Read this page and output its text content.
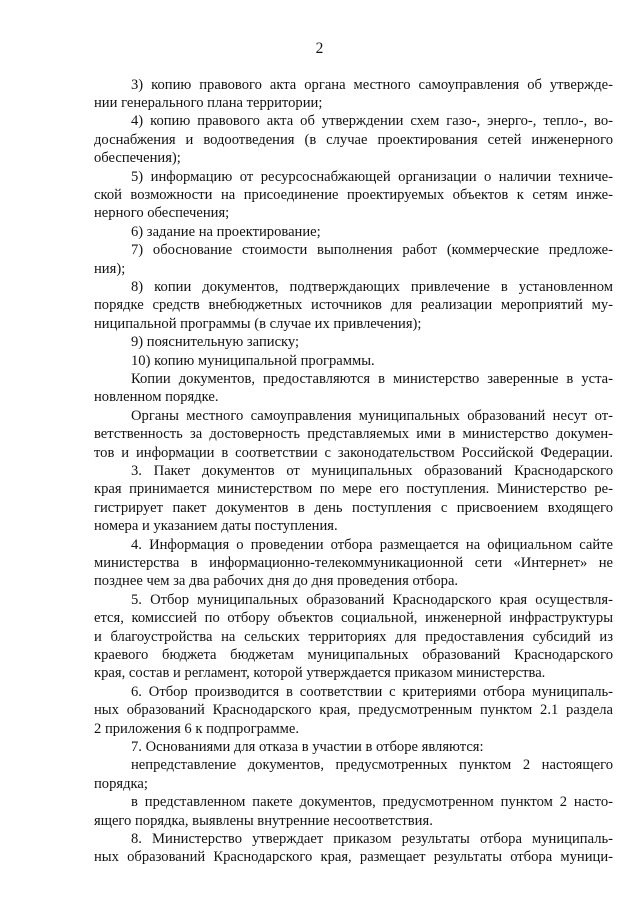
2
3) копию правового акта органа местного самоуправления об утвержде-
нии генерального плана территории;
4) копию правового акта об утверждении схем газо-, энерго-, тепло-, во-
доснабжения и водоотведения (в случае проектирования сетей инженерного
обеспечения);
5) информацию от ресурсоснабжающей организации о наличии техниче-
ской возможности на присоединение проектируемых объектов к сетям инже-
нерного обеспечения;
6) задание на проектирование;
7) обоснование стоимости выполнения работ (коммерческие предложе-
ния);
8) копии документов, подтверждающих привлечение в установленном
порядке средств внебюджетных источников для реализации мероприятий му-
ниципальной программы (в случае их привлечения);
9) пояснительную записку;
10) копию муниципальной программы.
Копии документов, предоставляются в министерство заверенные в уста-
новленном порядке.
Органы местного самоуправления муниципальных образований несут от-
ветственность за достоверность представляемых ими в министерство докумен-
тов и информации в соответствии с законодательством Российской Федерации.
3. Пакет документов от муниципальных образований Краснодарского
края принимается министерством по мере его поступления. Министерство ре-
гистрирует пакет документов в день поступления с присвоением входящего
номера и указанием даты поступления.
4. Информация о проведении отбора размещается на официальном сайте
министерства в информационно-телекоммуникационной сети «Интернет» не
позднее чем за два рабочих дня до дня проведения отбора.
5. Отбор муниципальных образований Краснодарского края осуществля-
ется, комиссией по отбору объектов социальной, инженерной инфраструктуры
и благоустройства на сельских территориях для предоставления субсидий из
краевого бюджета бюджетам муниципальных образований Краснодарского
края, состав и регламент, которой утверждается приказом министерства.
6. Отбор производится в соответствии с критериями отбора муниципаль-
ных образований Краснодарского края, предусмотренным пунктом 2.1 раздела
2 приложения 6 к подпрограмме.
7. Основаниями для отказа в участии в отборе являются:
непредставление документов, предусмотренных пунктом 2 настоящего
порядка;
в представленном пакете документов, предусмотренном пунктом 2 насто-
ящего порядка, выявлены внутренние несоответствия.
8. Министерство утверждает приказом результаты отбора муниципаль-
ных образований Краснодарского края, размещает результаты отбора муници-
